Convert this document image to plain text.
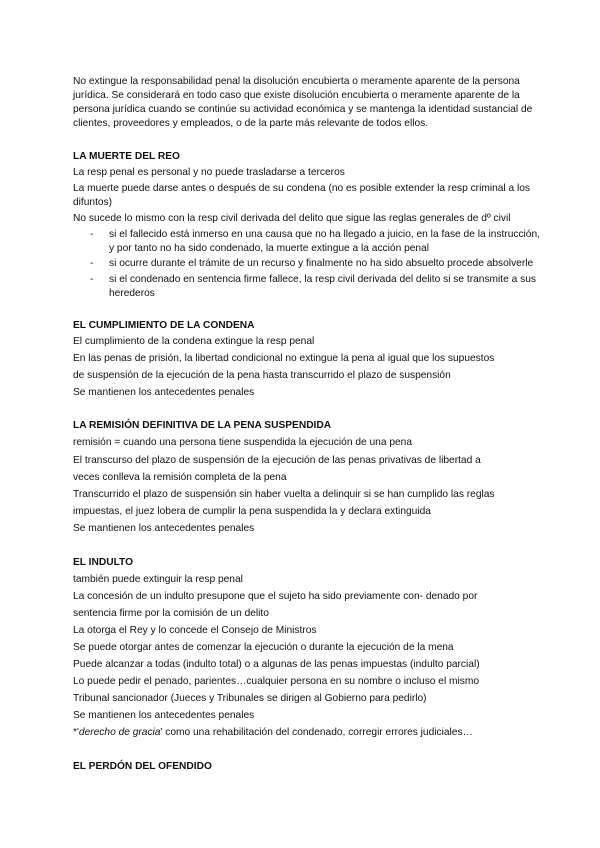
No extingue la responsabilidad penal la disolución encubierta o meramente aparente de la persona
jurídica. Se considerará en todo caso que existe disolución encubierta o meramente aparente de la
persona jurídica cuando se continúe su actividad económica y se mantenga la identidad sustancial de
clientes, proveedores y empleados, o de la parte más relevante de todos ellos.
LA MUERTE DEL REO
La resp penal es personal y no puede trasladarse a terceros
La muerte puede darse antes o después de su condena (no es posible extender la resp criminal a los
difuntos)
No sucede lo mismo con la resp civil derivada del delito que sigue las reglas generales de dº civil
- si el fallecido está inmerso en una causa que no ha llegado a juicio, en la fase de la instrucción,
y por tanto no ha sido condenado, la muerte extingue a la acción penal
- si ocurre durante el trámite de un recurso y finalmente no ha sido absuelto procede absolverle
- si el condenado en sentencia firme fallece, la resp civil derivada del delito si se transmite a sus
herederos
EL CUMPLIMIENTO DE LA CONDENA
El cumplimiento de la condena extingue la resp penal
En las penas de prisión, la libertad condicional no extingue la pena al igual que los supuestos
de suspensión de la ejecución de la pena hasta transcurrido el plazo de suspensión
Se mantienen los antecedentes penales
LA REMISIÓN DEFINITIVA DE LA PENA SUSPENDIDA
remisión = cuando una persona tiene suspendida la ejecución de una pena
El transcurso del plazo de suspensión de la ejecución de las penas privativas de libertad a
veces conlleva la remisión completa de la pena
Transcurrido el plazo de suspensión sin haber vuelta a delinquir si se han cumplido las reglas
impuestas, el juez lobera de cumplir la pena suspendida la y declara extinguida
Se mantienen los antecedentes penales
EL INDULTO
también puede extinguir la resp penal
La concesión de un indulto presupone que el sujeto ha sido previamente con- denado por
sentencia firme por la comisión de un delito
La otorga el Rey y lo concede el Consejo de Ministros
Se puede otorgar antes de comenzar la ejecución o durante la ejecución de la mena
Puede alcanzar a todas (indulto total) o a algunas de las penas impuestas (indulto parcial)
Lo puede pedir el penado, parientes…cualquier persona en su nombre o incluso el mismo
Tribunal sancionador (Jueces y Tribunales se dirigen al Gobierno para pedirlo)
Se mantienen los antecedentes penales
*'derecho de gracia' como una rehabilitación del condenado, corregir errores judiciales…
EL PERDÓN DEL OFENDIDO
